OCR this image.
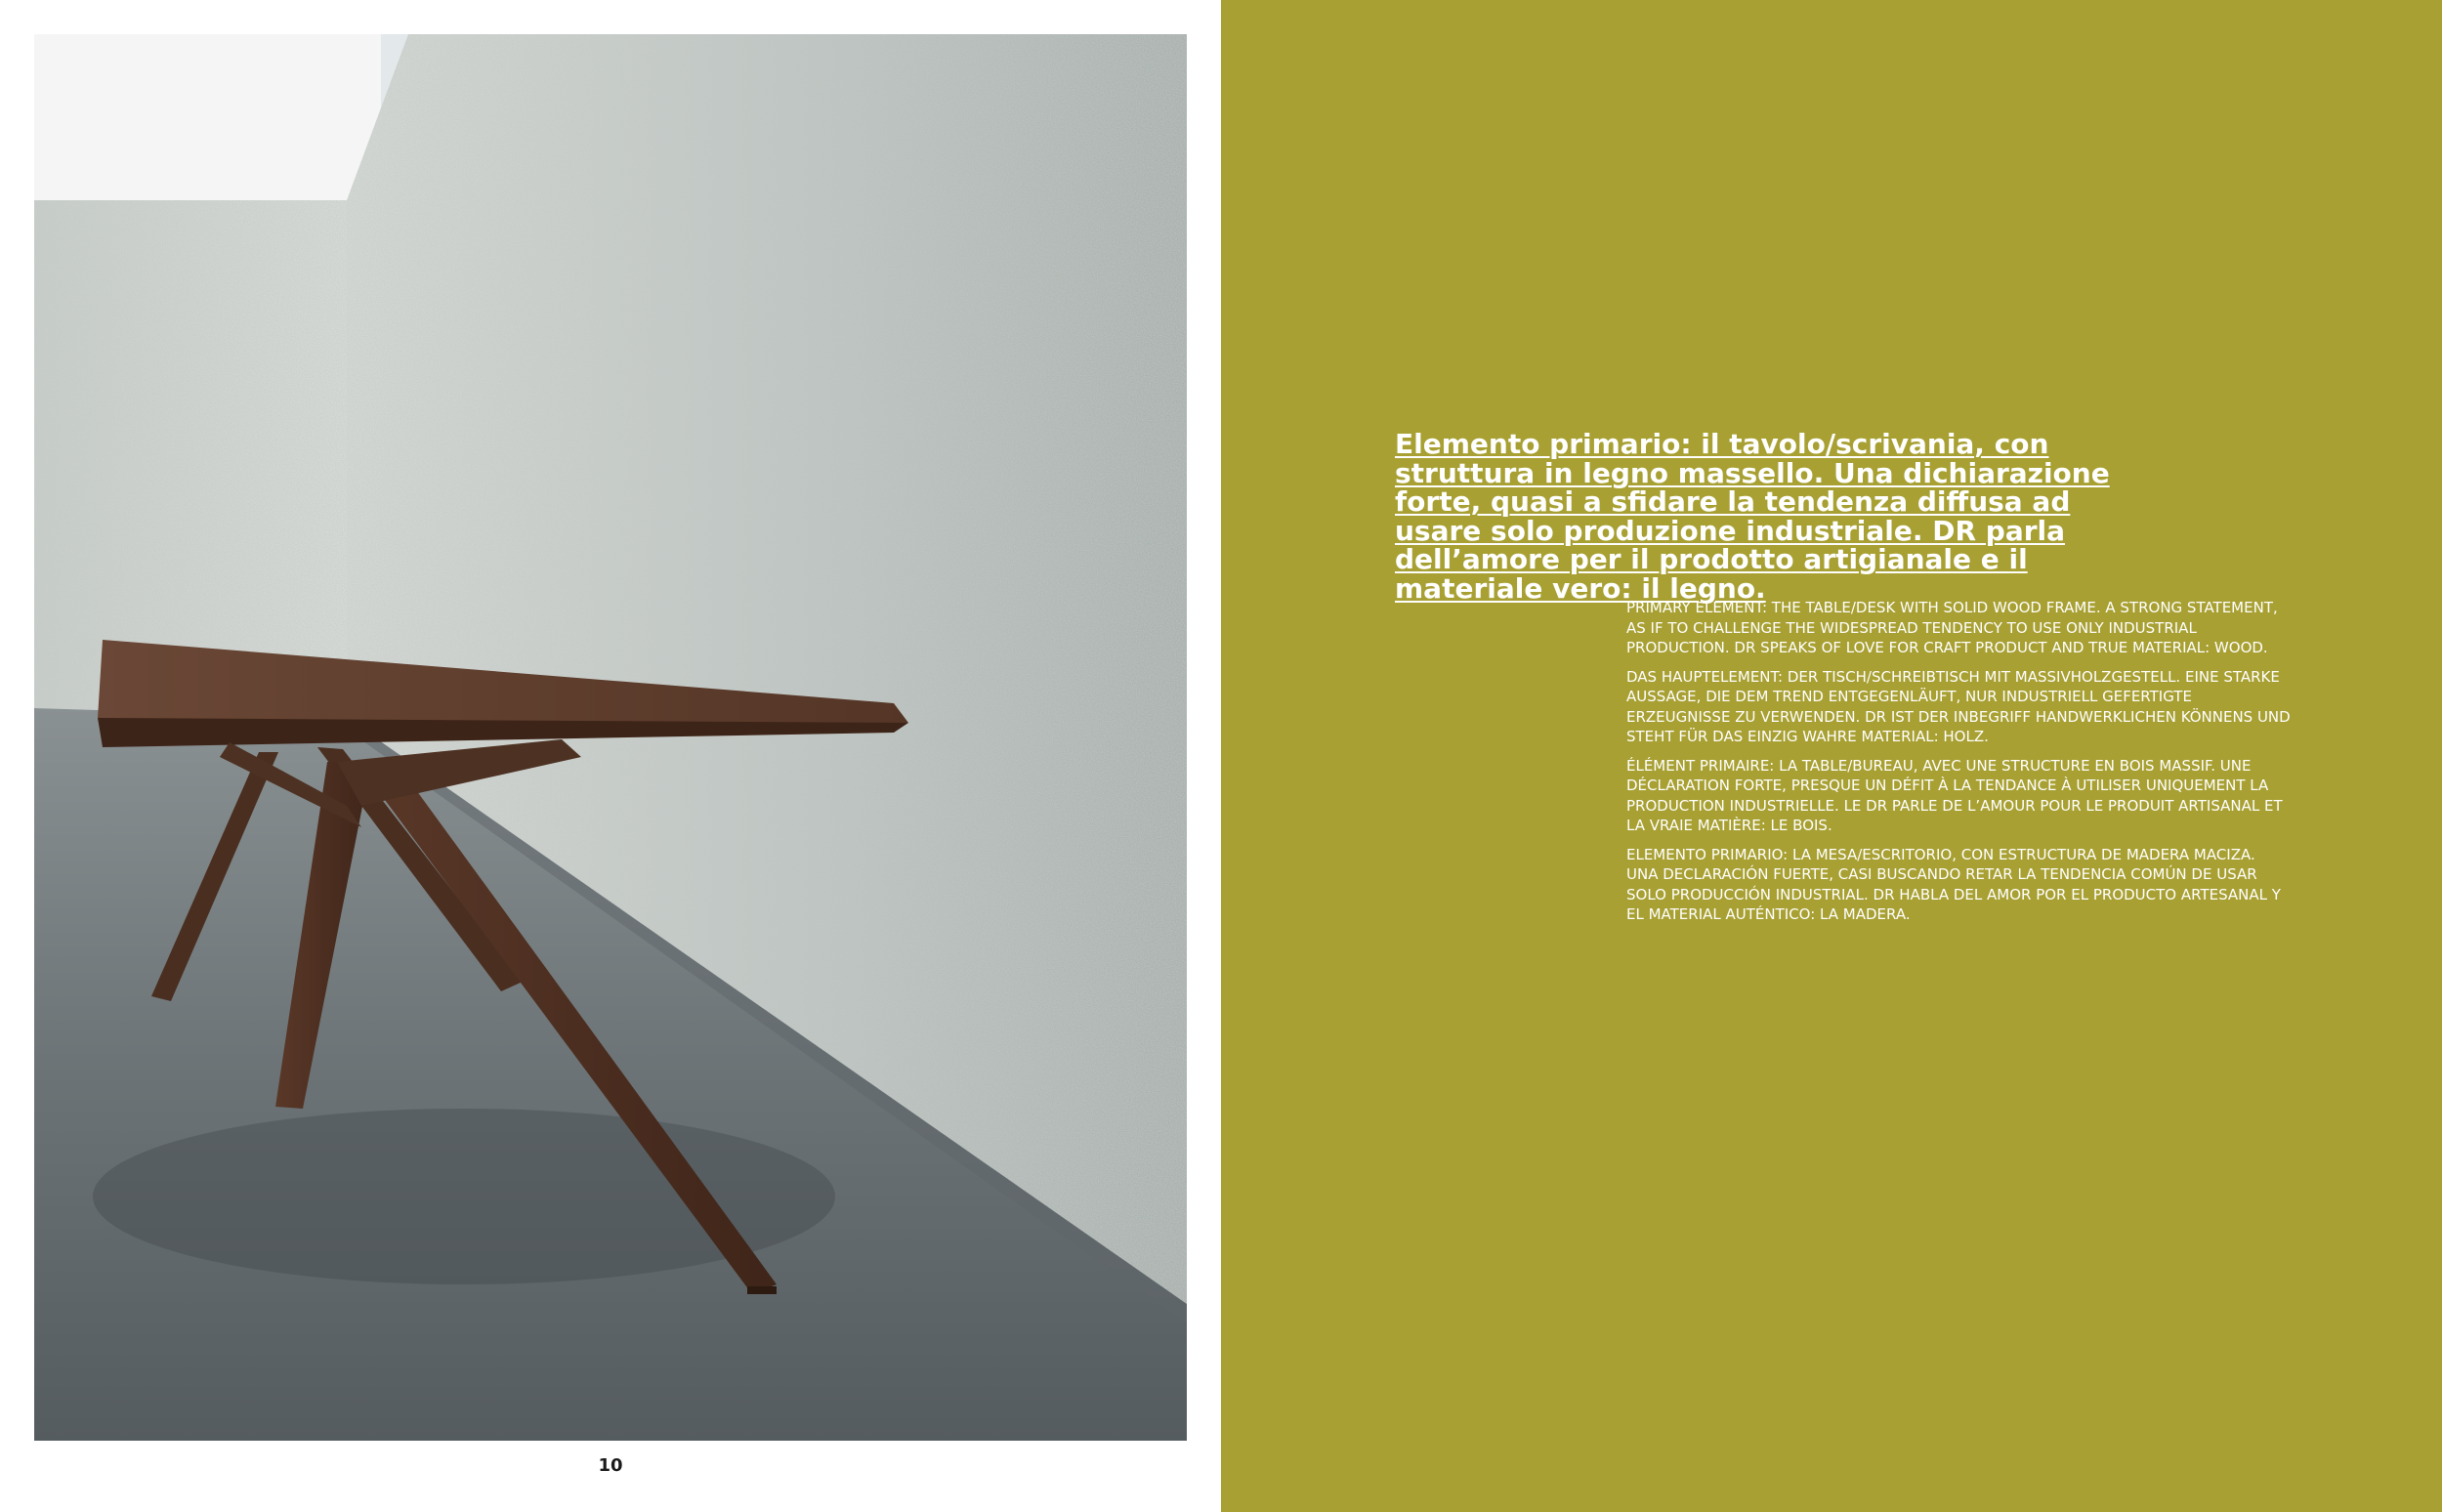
10

Elemento primario: il tavolo/scrivania, con struttura in legno massello. Una dichiarazione forte, quasi a sfidare la tendenza diffusa ad usare solo produzione industriale. DR parla dell’amore per il prodotto artigianale e il materiale vero: il legno.

PRIMARY ELEMENT: THE TABLE/DESK WITH SOLID WOOD FRAME. A STRONG STATEMENT, AS IF TO CHALLENGE THE WIDESPREAD TENDENCY TO USE ONLY INDUSTRIAL PRODUCTION. DR SPEAKS OF LOVE FOR CRAFT PRODUCT AND TRUE MATERIAL: WOOD.

DAS HAUPTELEMENT: DER TISCH/SCHREIBTISCH MIT MASSIVHOLZGESTELL. EINE STARKE AUSSAGE, DIE DEM TREND ENTGEGENLÄUFT, NUR INDUSTRIELL GEFERTIGTE ERZEUGNISSE ZU VERWENDEN. DR IST DER INBEGRIFF HANDWERKLICHEN KÖNNENS UND STEHT FÜR DAS EINZIG WAHRE MATERIAL: HOLZ.

ÉLÉMENT PRIMAIRE: LA TABLE/BUREAU, AVEC UNE STRUCTURE EN BOIS MASSIF. UNE DÉCLARATION FORTE, PRESQUE UN DÉFIT À LA TENDANCE À UTILISER UNIQUEMENT LA PRODUCTION INDUSTRIELLE. LE DR PARLE DE L’AMOUR POUR LE PRODUIT ARTISANAL ET LA VRAIE MATIÈRE: LE BOIS.

ELEMENTO PRIMARIO: LA MESA/ESCRITORIO, CON ESTRUCTURA DE MADERA MACIZA. UNA DECLARACIÓN FUERTE, CASI BUSCANDO RETAR LA TENDENCIA COMÚN DE USAR SOLO PRODUCCIÓN INDUSTRIAL. DR HABLA DEL AMOR POR EL PRODUCTO ARTESANAL Y EL MATERIAL AUTÉNTICO: LA MADERA.
